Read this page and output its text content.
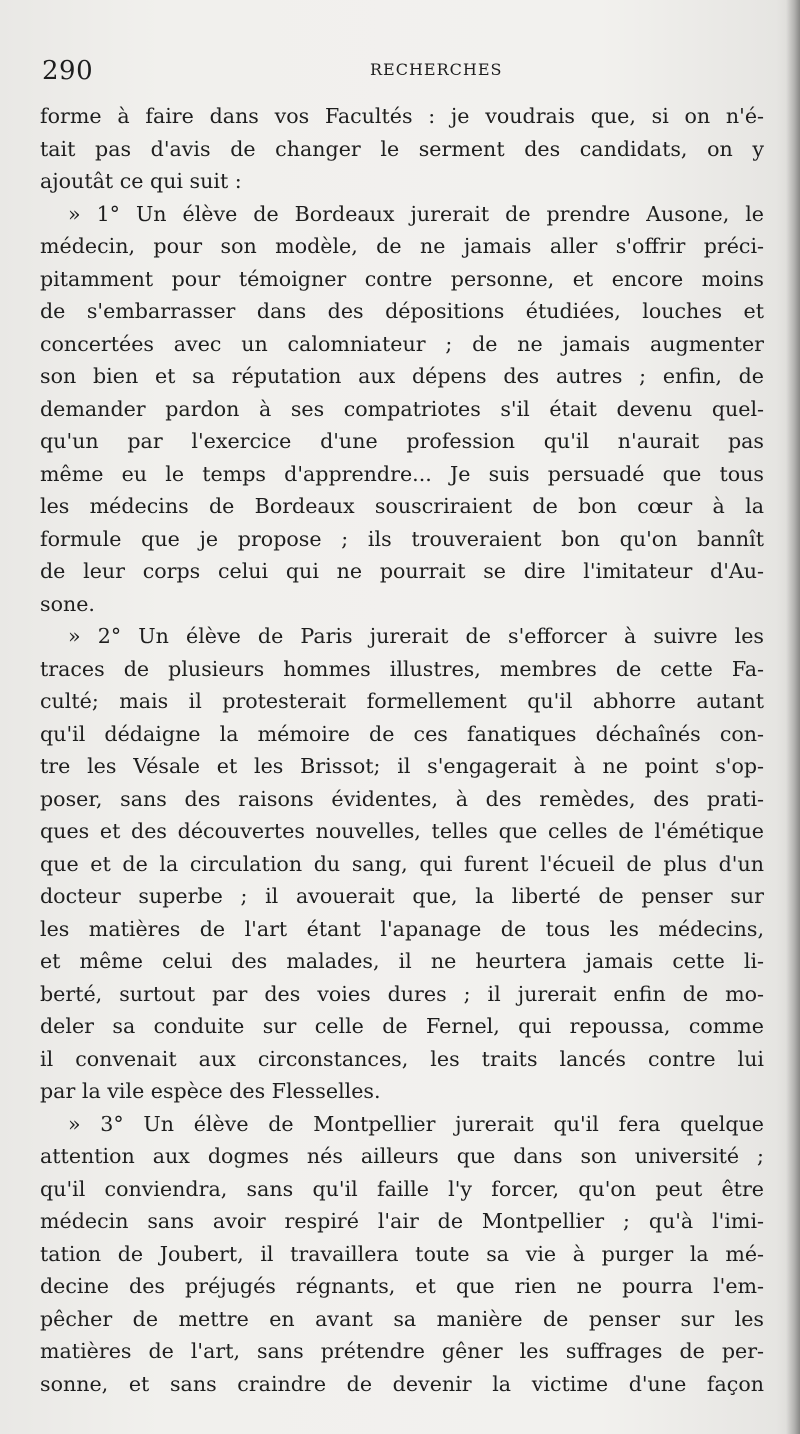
290	RECHERCHES
forme à faire dans vos Facultés : je voudrais que, si on n'é-
tait pas d'avis de changer le serment des candidats, on y
ajoutât ce qui suit :
» 1° Un élève de Bordeaux jurerait de prendre Ausone, le
médecin, pour son modèle, de ne jamais aller s'offrir préci-
pitamment pour témoigner contre personne, et encore moins
de s'embarrasser dans des dépositions étudiées, louches et
concertées avec un calomniateur ; de ne jamais augmenter
son bien et sa réputation aux dépens des autres ; enfin, de
demander pardon à ses compatriotes s'il était devenu quel-
qu'un par l'exercice d'une profession qu'il n'aurait pas
même eu le temps d'apprendre... Je suis persuadé que tous
les médecins de Bordeaux souscriraient de bon cœur à la
formule que je propose ; ils trouveraient bon qu'on bannît
de leur corps celui qui ne pourrait se dire l'imitateur d'Au-
sone.
» 2° Un élève de Paris jurerait de s'efforcer à suivre les
traces de plusieurs hommes illustres, membres de cette Fa-
culté; mais il protesterait formellement qu'il abhorre autant
qu'il dédaigne la mémoire de ces fanatiques déchaînés con-
tre les Vésale et les Brissot; il s'engagerait à ne point s'op-
poser, sans des raisons évidentes, à des remèdes, des prati-
ques et des découvertes nouvelles, telles que celles de l'émétique
que et de la circulation du sang, qui furent l'écueil de plus d'un
docteur superbe ; il avouerait que, la liberté de penser sur
les matières de l'art étant l'apanage de tous les médecins,
et même celui des malades, il ne heurtera jamais cette li-
berté, surtout par des voies dures ; il jurerait enfin de mo-
deler sa conduite sur celle de Fernel, qui repoussa, comme
il convenait aux circonstances, les traits lancés contre lui
par la vile espèce des Flesselles.
» 3° Un élève de Montpellier jurerait qu'il fera quelque
attention aux dogmes nés ailleurs que dans son université ;
qu'il conviendra, sans qu'il faille l'y forcer, qu'on peut être
médecin sans avoir respiré l'air de Montpellier ; qu'à l'imi-
tation de Joubert, il travaillera toute sa vie à purger la mé-
decine des préjugés régnants, et que rien ne pourra l'em-
pêcher de mettre en avant sa manière de penser sur les
matières de l'art, sans prétendre gêner les suffrages de per-
sonne, et sans craindre de devenir la victime d'une façon
